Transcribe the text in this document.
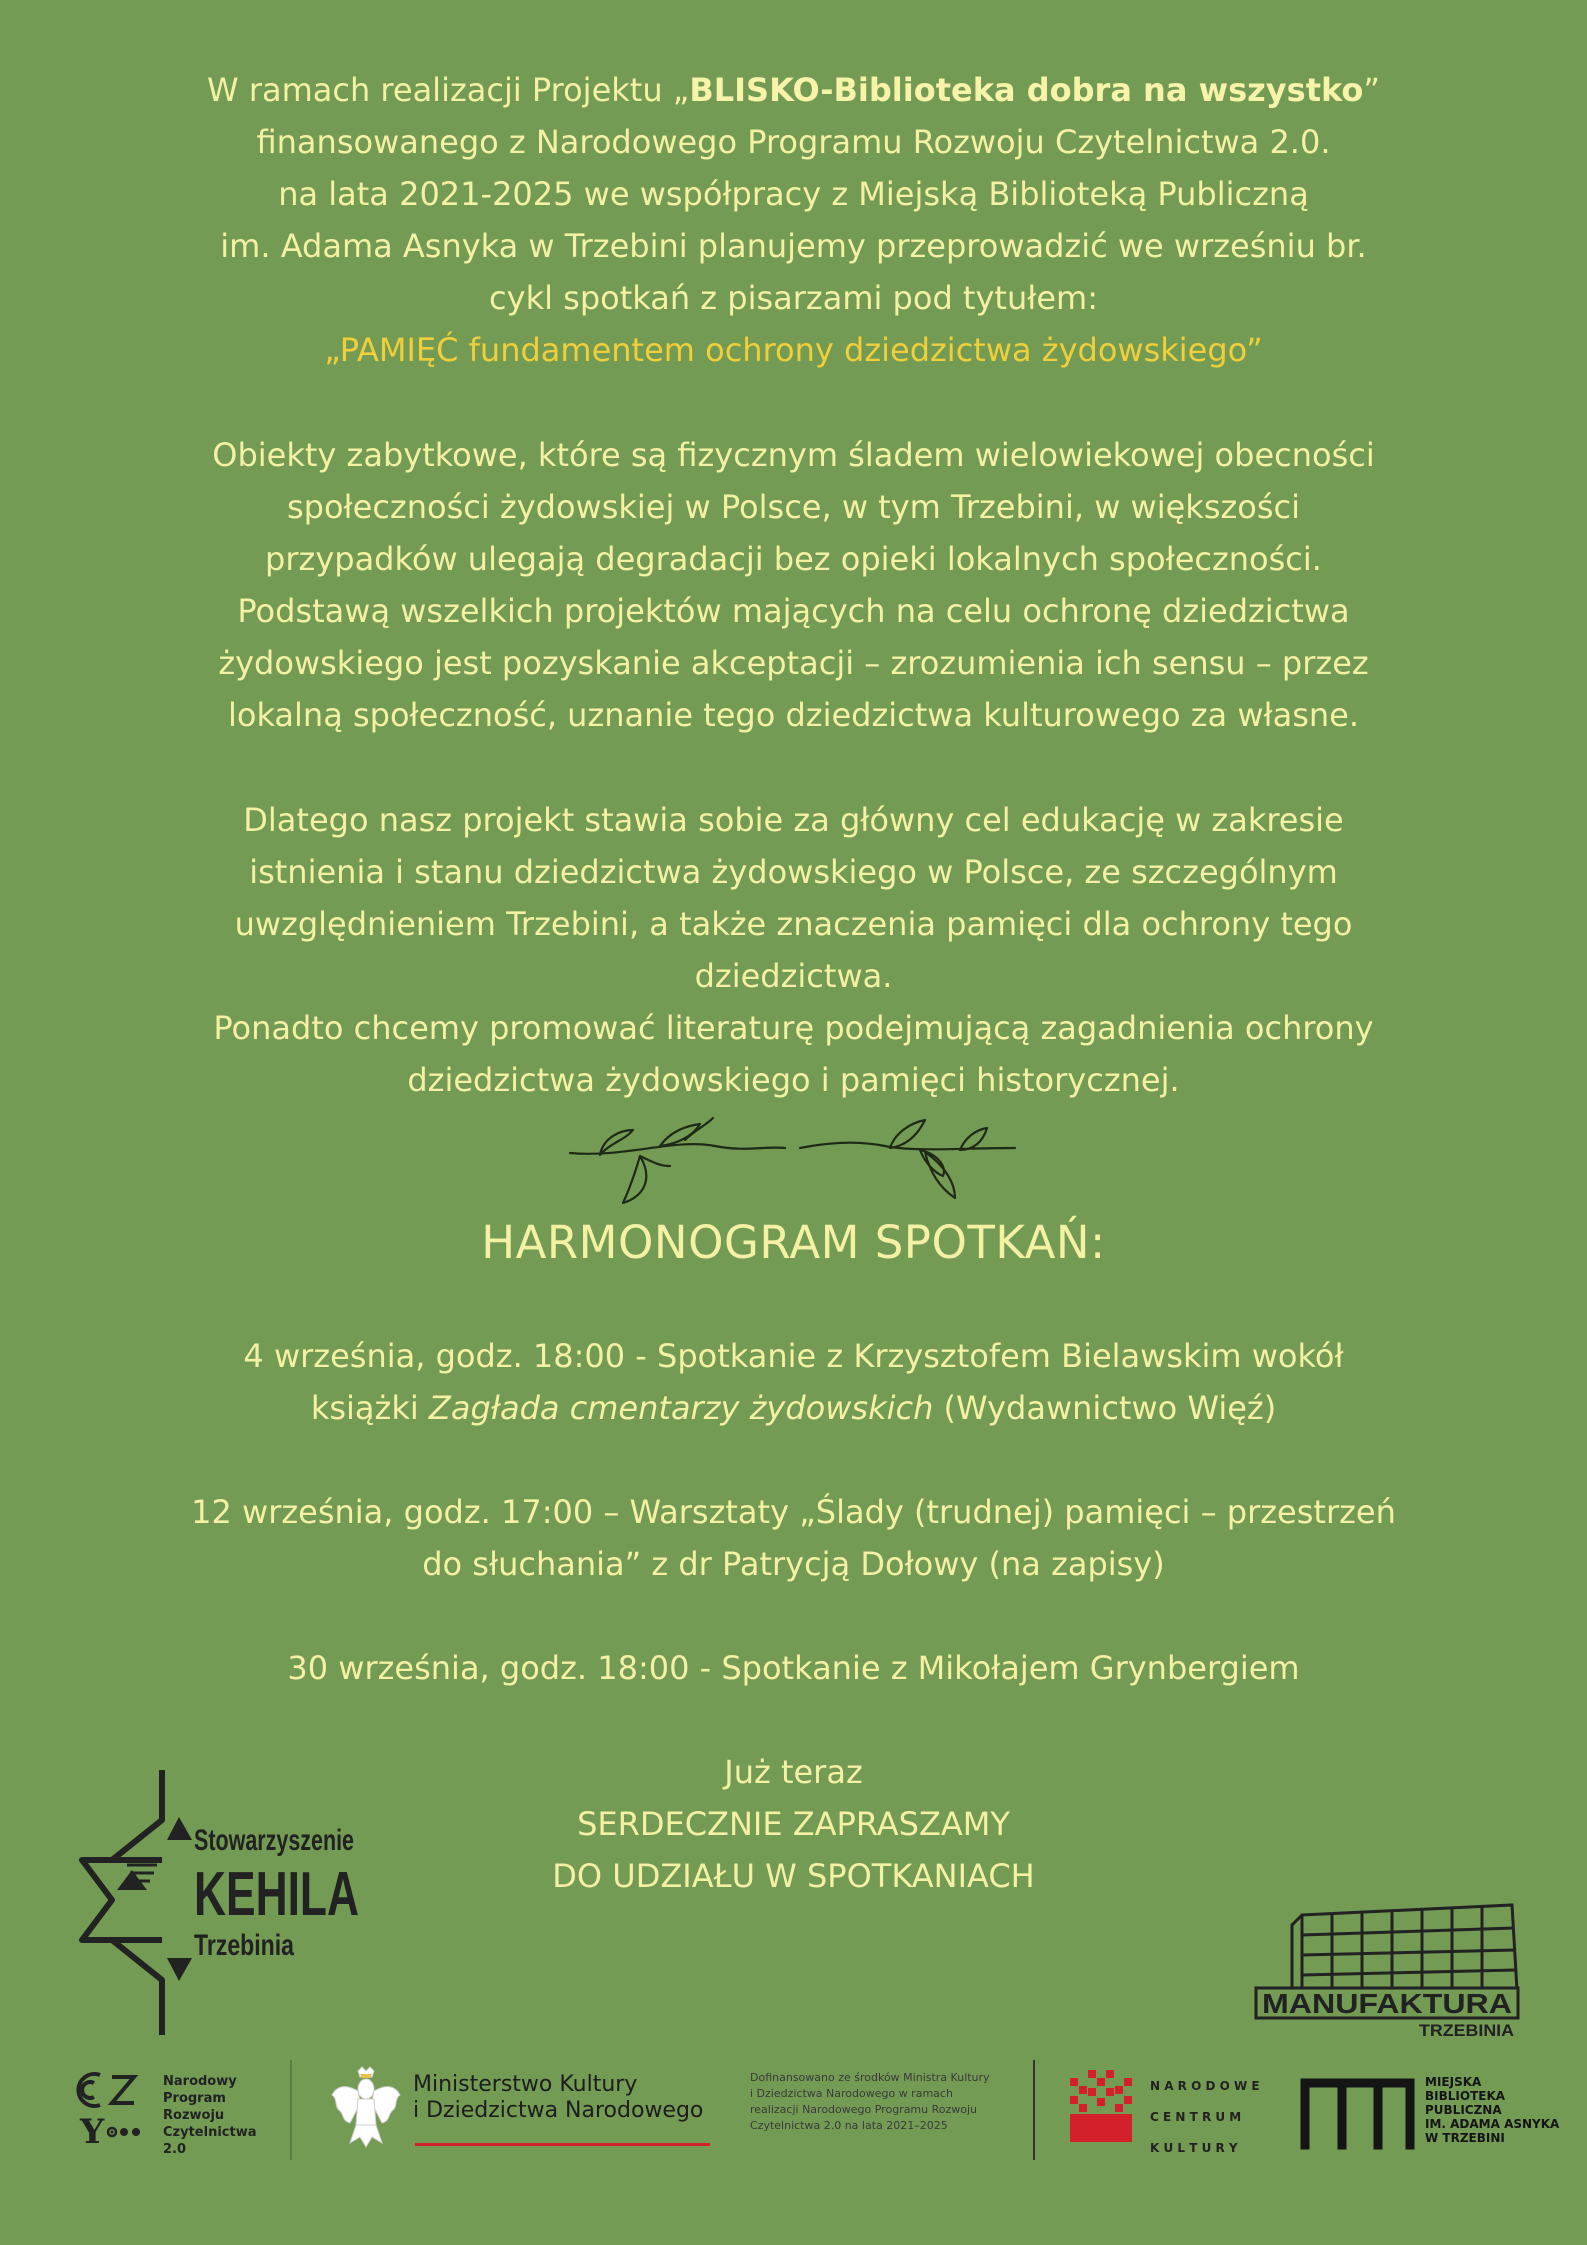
W ramach realizacji Projektu „BLISKO-Biblioteka dobra na wszystko”
finansowanego z Narodowego Programu Rozwoju Czytelnictwa 2.0.
na lata 2021-2025 we współpracy z Miejską Biblioteką Publiczną
im. Adama Asnyka w Trzebini planujemy przeprowadzić we wrześniu br.
cykl spotkań z pisarzami pod tytułem:
„PAMIĘĆ fundamentem ochrony dziedzictwa żydowskiego”
Obiekty zabytkowe, które są fizycznym śladem wielowiekowej obecności
społeczności żydowskiej w Polsce, w tym Trzebini, w większości
przypadków ulegają degradacji bez opieki lokalnych społeczności.
Podstawą wszelkich projektów mających na celu ochronę dziedzictwa
żydowskiego jest pozyskanie akceptacji – zrozumienia ich sensu – przez
lokalną społeczność, uznanie tego dziedzictwa kulturowego za własne.
Dlatego nasz projekt stawia sobie za główny cel edukację w zakresie
istnienia i stanu dziedzictwa żydowskiego w Polsce, ze szczególnym
uwzględnieniem Trzebini, a także znaczenia pamięci dla ochrony tego
dziedzictwa.
Ponadto chcemy promować literaturę podejmującą zagadnienia ochrony
dziedzictwa żydowskiego i pamięci historycznej.
HARMONOGRAM SPOTKAŃ:
4 września, godz. 18:00 - Spotkanie z Krzysztofem Bielawskim wokół
książki Zagłada cmentarzy żydowskich (Wydawnictwo Więź)
12 września, godz. 17:00 – Warsztaty „Ślady (trudnej) pamięci – przestrzeń
do słuchania” z dr Patrycją Dołowy (na zapisy)
30 września, godz. 18:00 - Spotkanie z Mikołajem Grynbergiem
Już teraz
SERDECZNIE ZAPRASZAMY
DO UDZIAŁU W SPOTKANIACH
Stowarzyszenie
KEHILA
Trzebinia
MANUFAKTURA
TRZEBINIA
Y
Narodowy
Program
Rozwoju
Czytelnictwa
2.0
Ministerstwo Kultury
i Dziedzictwa Narodowego
Dofinansowano ze środków Ministra Kultury
i Dziedzictwa Narodowego w ramach
realizacji Narodowego Programu Rozwoju
Czytelnictwa 2.0 na lata 2021–2025
N A R O D O W E
C E N T R U M
K U L T U R Y
MIEJSKA
BIBLIOTEKA
PUBLICZNA
IM. ADAMA ASNYKA
W TRZEBINI
